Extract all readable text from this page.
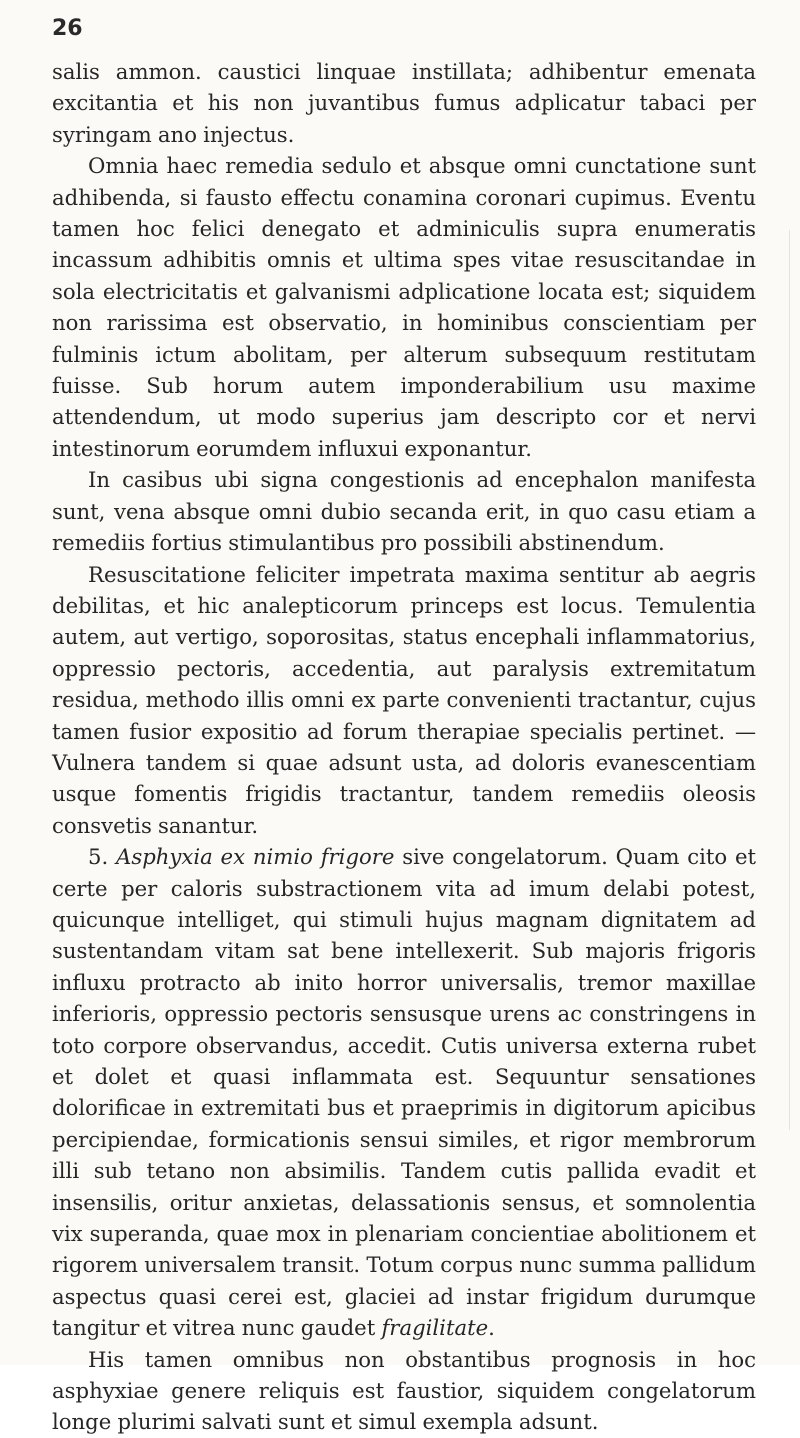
26

salis ammon. caustici linquae instillata; adhibentur emenata excitantia et his non juvantibus fumus adplicatur tabaci per syringam ano injectus.

Omnia haec remedia sedulo et absque omni cunctatione sunt adhibenda, si fausto effectu conamina coronari cupimus. Eventu tamen hoc felici denegato et adminiculis supra enumeratis incassum adhibitis omnis et ultima spes vitae resuscitandae in sola electricitatis et galvanismi adplicatione locata est; siquidem non rarissima est observatio, in hominibus conscientiam per fulminis ictum abolitam, per alterum subsequum restitutam fuisse. Sub horum autem imponderabilium usu maxime attendendum, ut modo superius jam descripto cor et nervi intestinorum eorumdem influxui exponantur.

In casibus ubi signa congestionis ad encephalon manifesta sunt, vena absque omni dubio secanda erit, in quo casu etiam a remediis fortius stimulantibus pro possibili abstinendum.

Resuscitatione feliciter impetrata maxima sentitur ab aegris debilitas, et hic analepticorum princeps est locus. Temulentia autem, aut vertigo, soporositas, status encephali inflammatorius, oppressio pectoris, accedentia, aut paralysis extremitatum residua, methodo illis omni ex parte convenienti tractantur, cujus tamen fusior expositio ad forum therapiae specialis pertinet. — Vulnera tandem si quae adsunt usta, ad doloris evanescentiam usque fomentis frigidis tractantur, tandem remediis oleosis consvetis sanantur.

5. Asphyxia ex nimio frigore sive congelatorum. Quam cito et certe per caloris substractionem vita ad imum delabi potest, quicunque intelliget, qui stimuli hujus magnam dignitatem ad sustentandam vitam sat bene intellexerit. Sub majoris frigoris influxu protracto ab inito horror universalis, tremor maxillae inferioris, oppressio pectoris sensusque urens ac constringens in toto corpore observandus, accedit. Cutis universa externa rubet et dolet et quasi inflammata est. Sequuntur sensationes dolorificae in extremitati bus et praeprimis in digitorum apicibus percipiendae, formicationis sensui similes, et rigor membrorum illi sub tetano non absimilis. Tandem cutis pallida evadit et insensilis, oritur anxietas, delassationis sensus, et somnolentia vix superanda, quae mox in plenariam concientiae abolitionem et rigorem universalem transit. Totum corpus nunc summa pallidum aspectus quasi cerei est, glaciei ad instar frigidum durumque tangitur et vitrea nunc gaudet fragilitate.

His tamen omnibus non obstantibus prognosis in hoc asphyxiae genere reliquis est faustior, siquidem congelatorum longe plurimi salvati sunt et simul exempla adsunt.
